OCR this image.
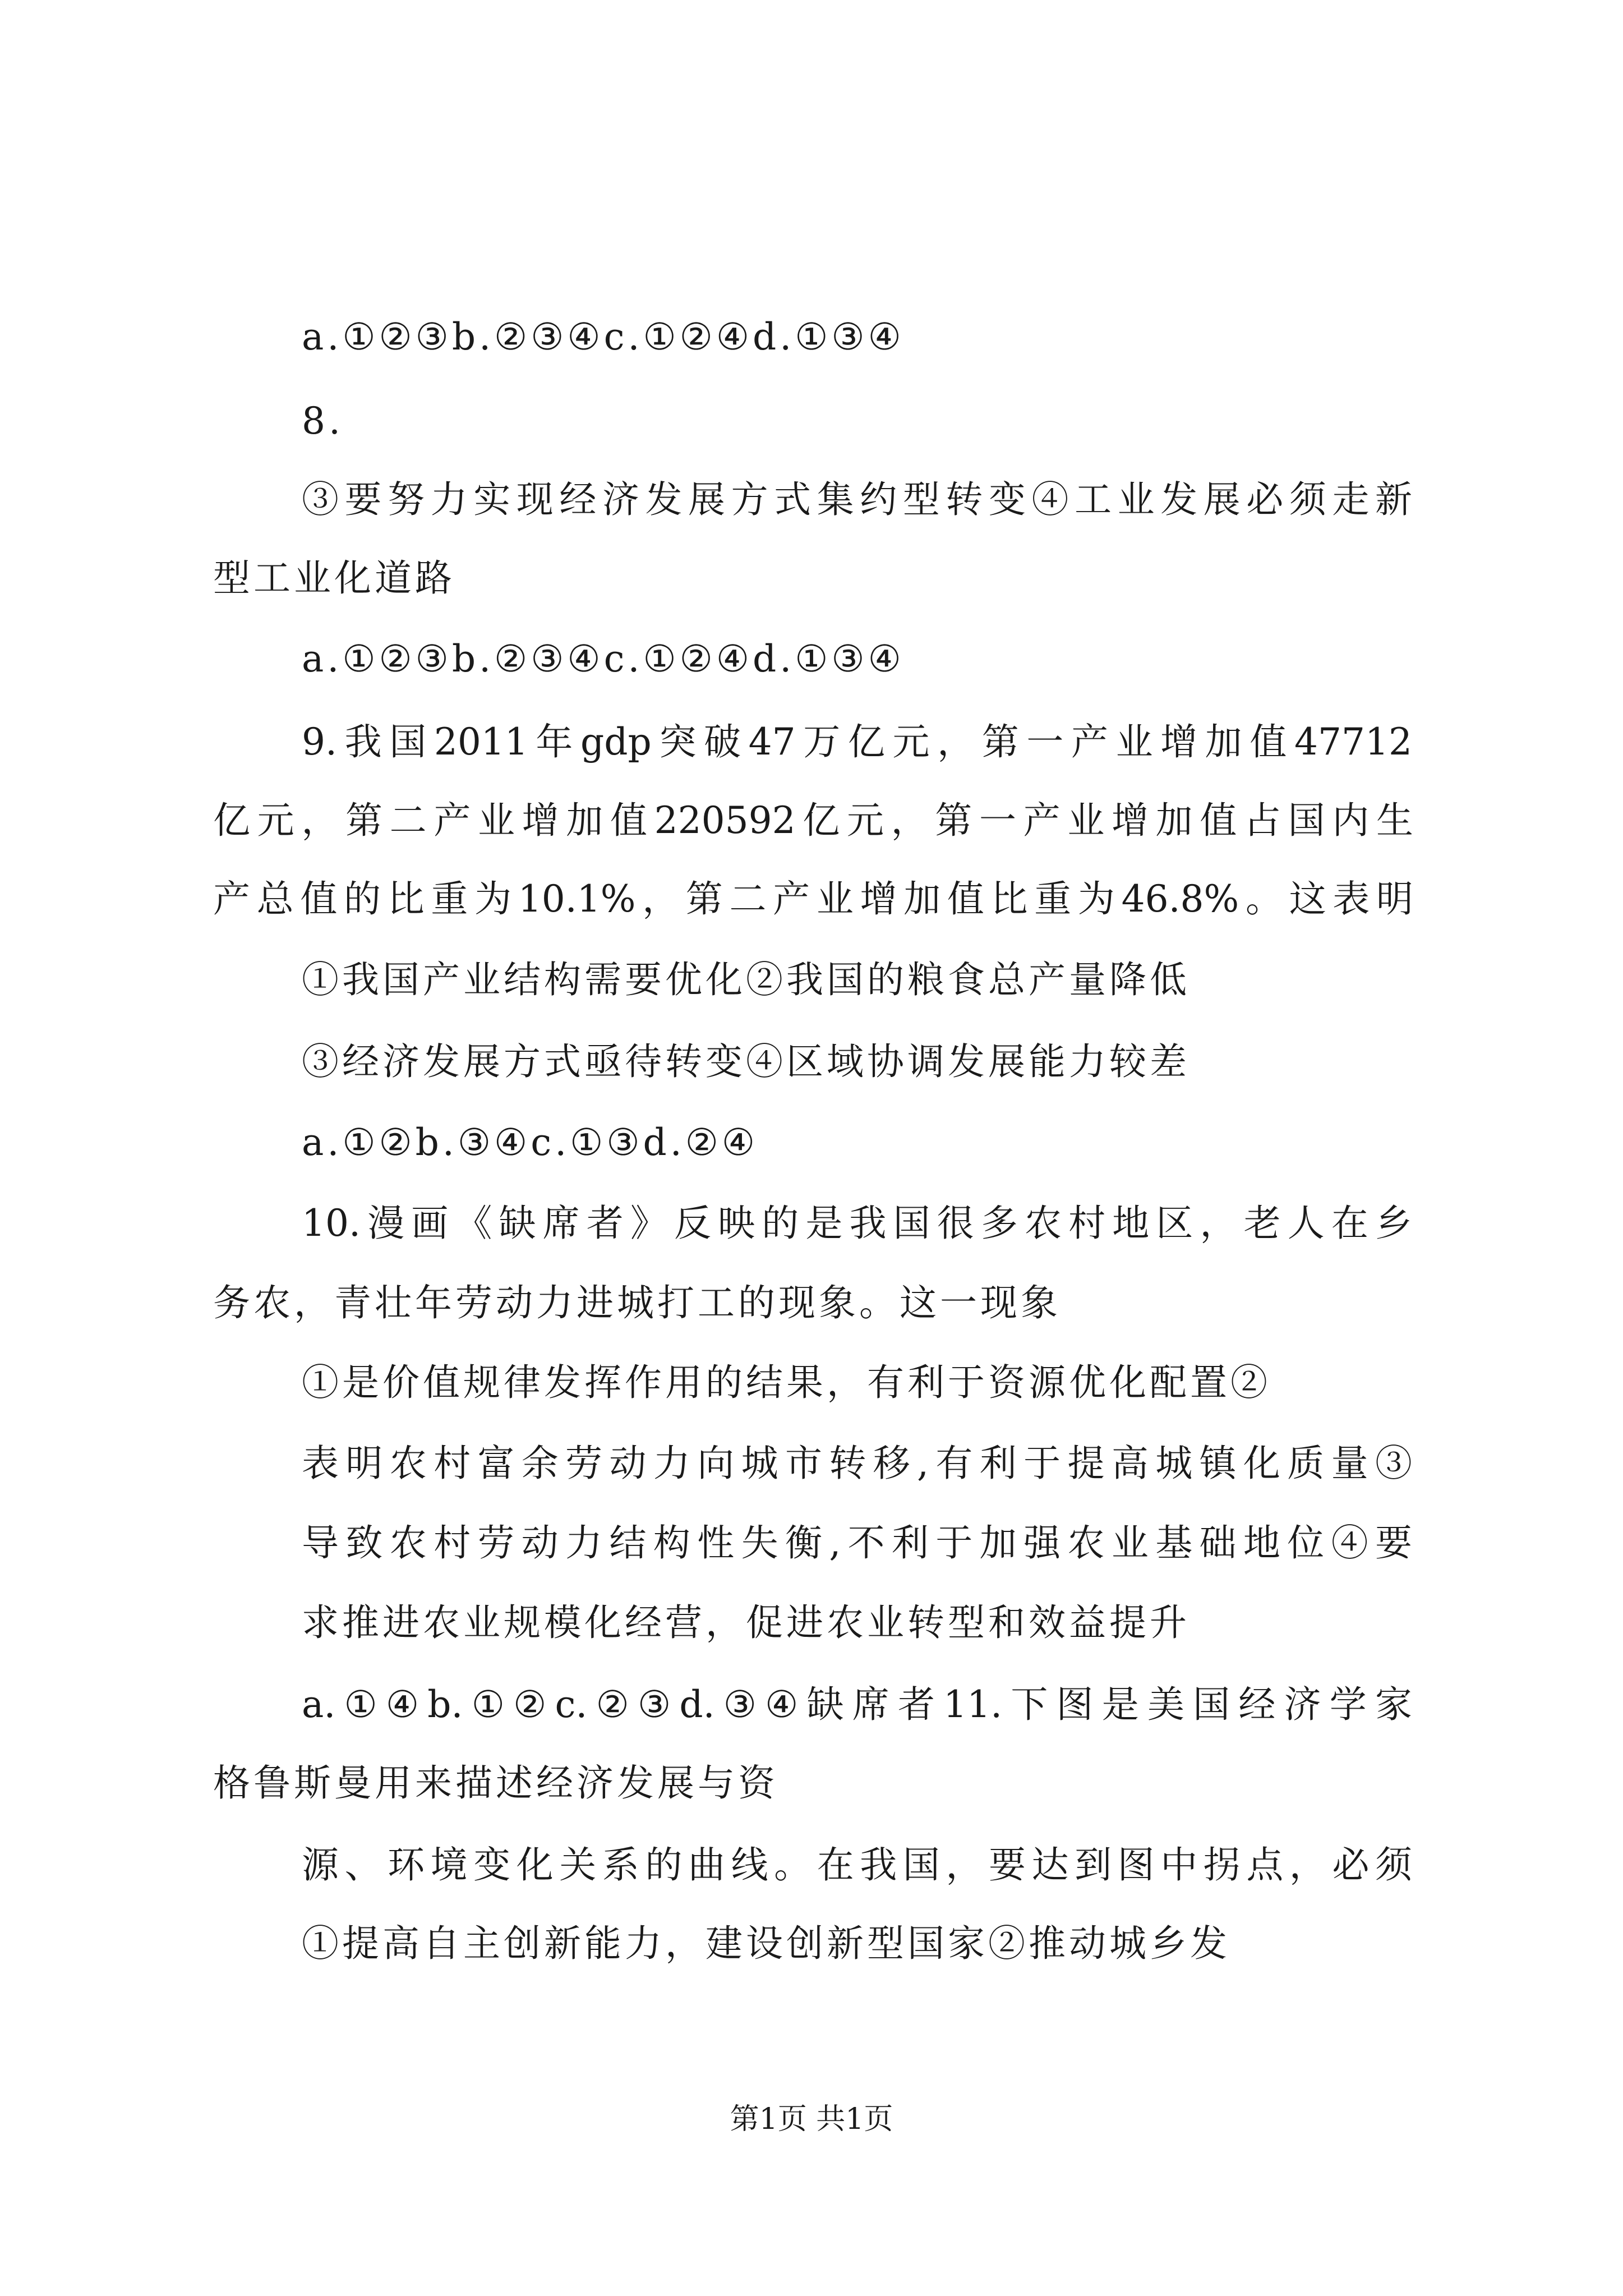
a.①②③b.②③④c.①②④d.①③④
8.
③要努力实现经济发展方式集约型转变④工业发展必须走新
型工业化道路
a.①②③b.②③④c.①②④d.①③④
9.我国2011年gdp突破47万亿元，第一产业增加值47712
亿元，第二产业增加值220592亿元，第一产业增加值占国内生
产总值的比重为10.1%，第二产业增加值比重为46.8%。这表明
①我国产业结构需要优化②我国的粮食总产量降低
③经济发展方式亟待转变④区域协调发展能力较差
a.①②b.③④c.①③d.②④
10.漫画《缺席者》反映的是我国很多农村地区，老人在乡
务农，青壮年劳动力进城打工的现象。这一现象
①是价值规律发挥作用的结果，有利于资源优化配置②
表明农村富余劳动力向城市转移,有利于提高城镇化质量③
导致农村劳动力结构性失衡,不利于加强农业基础地位④要
求推进农业规模化经营，促进农业转型和效益提升
a.①④b.①②c.②③d.③④缺席者11.下图是美国经济学家
格鲁斯曼用来描述经济发展与资
源、环境变化关系的曲线。在我国，要达到图中拐点，必须
①提高自主创新能力，建设创新型国家②推动城乡发
第1页 共1页
